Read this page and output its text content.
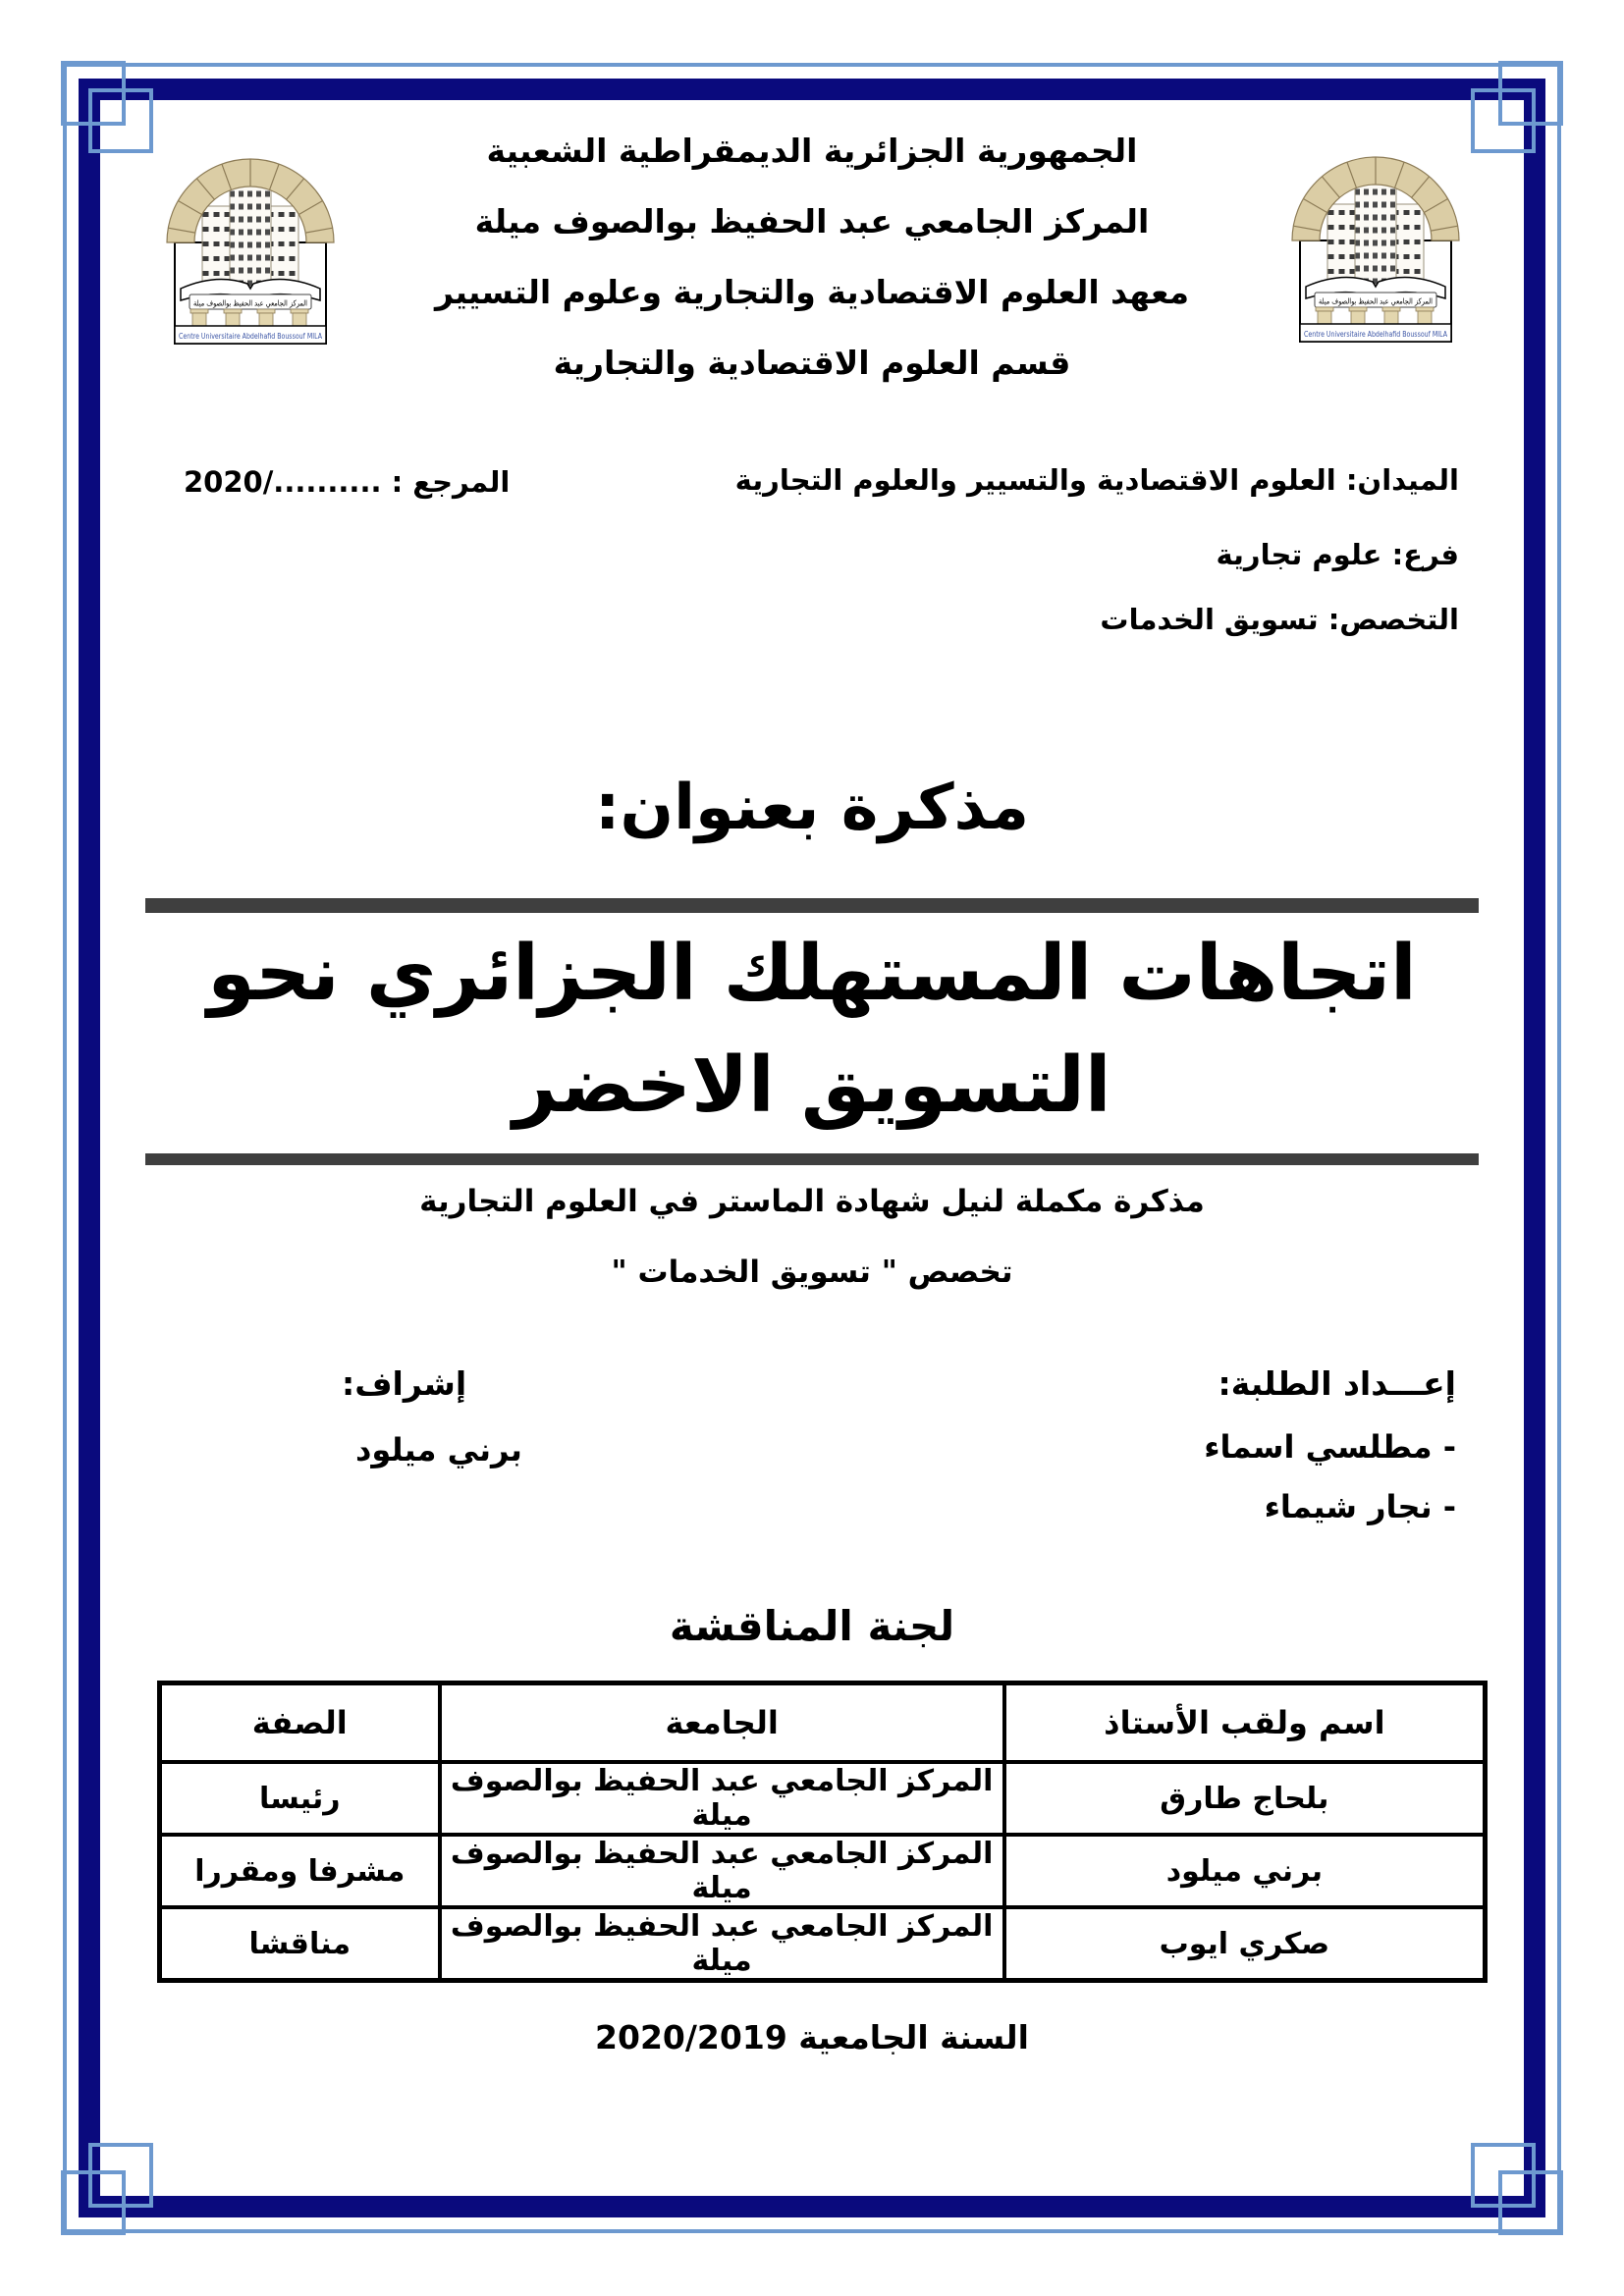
الجمهورية الجزائرية الديمقراطية الشعبية
المركز الجامعي عبد الحفيظ بوالصوف ميلة
معهد العلوم الاقتصادية والتجارية وعلوم التسيير
قسم العلوم الاقتصادية والتجارية
الميدان: العلوم الاقتصادية والتسيير والعلوم التجارية
المرجع : ........../2020
فرع: علوم تجارية
التخصص: تسويق الخدمات
مذكرة بعنوان:
اتجاهات المستهلك الجزائري نحو
التسويق الاخضر
مذكرة مكملة لنيل شهادة الماستر في العلوم التجارية
تخصص " تسويق الخدمات "
إعـــداد الطلبة:
إشراف:
- مطلسي اسماء
- نجار شيماء
برني ميلود
لجنة المناقشة
اسم ولقب الأستاذ	الجامعة	الصفة
بلحاج طارق	المركز الجامعي عبد الحفيظ بوالصوف ميلة	رئيسا
برني ميلود	المركز الجامعي عبد الحفيظ بوالصوف ميلة	مشرفا ومقررا
صكري ايوب	المركز الجامعي عبد الحفيظ بوالصوف ميلة	مناقشا
السنة الجامعية 2020/2019
